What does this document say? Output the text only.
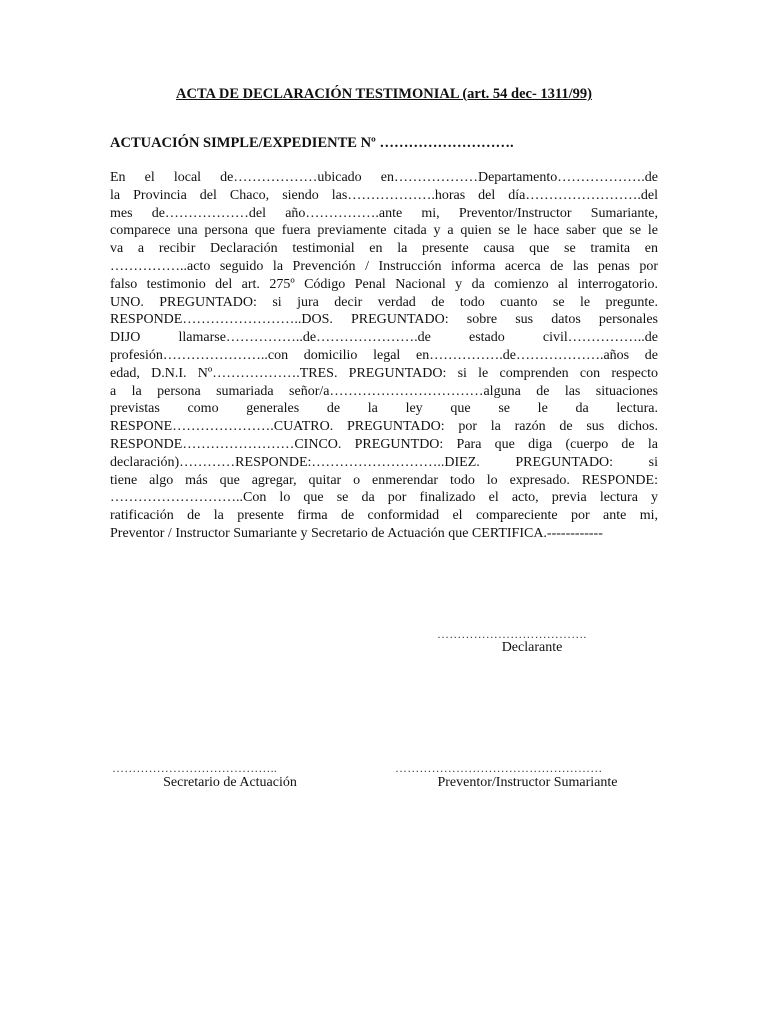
ACTA DE DECLARACIÓN TESTIMONIAL (art. 54 dec- 1311/99)
ACTUACIÓN SIMPLE/EXPEDIENTE Nº ……………………….
En el local de………………ubicado en………………Departamento……………….de
la Provincia del Chaco, siendo las……………….horas del día…………………….del
mes de………………del año…………….ante mi, Preventor/Instructor Sumariante,
comparece una persona que fuera previamente citada y a quien se le hace saber que se le
va a recibir Declaración testimonial en la presente causa que se tramita en
……………..acto seguido la Prevención / Instrucción informa acerca de las penas por
falso testimonio del art. 275º Código Penal Nacional y da comienzo al interrogatorio.
UNO. PREGUNTADO: si jura decir verdad de todo cuanto se le pregunte.
RESPONDE……………………..DOS. PREGUNTADO: sobre sus datos personales
DIJO llamarse……………..de………………….de estado civil……………..de
profesión…………………..con domicilio legal en…………….de……………….años de
edad, D.N.I. Nº……………….TRES. PREGUNTADO: si le comprenden con respecto
a la persona sumariada señor/a……………………………alguna de las situaciones
previstas como generales de la ley que se le da lectura.
RESPONE………………….CUATRO. PREGUNTADO: por la razón de sus dichos.
RESPONDE……………………CINCO. PREGUNTDO: Para que diga (cuerpo de la
declaración)…………RESPONDE:………………………..DIEZ. PREGUNTADO: si
tiene algo más que agregar, quitar o enmerendar todo lo expresado. RESPONDE:
………………………..Con lo que se da por finalizado el acto, previa lectura y
ratificación de la presente firma de conformidad el compareciente por ante mi,
Preventor / Instructor Sumariante y Secretario de Actuación que CERTIFICA.------------
……………………………….
Declarante
…………………………………..
Secretario de Actuación
……………………………………………
Preventor/Instructor Sumariante
